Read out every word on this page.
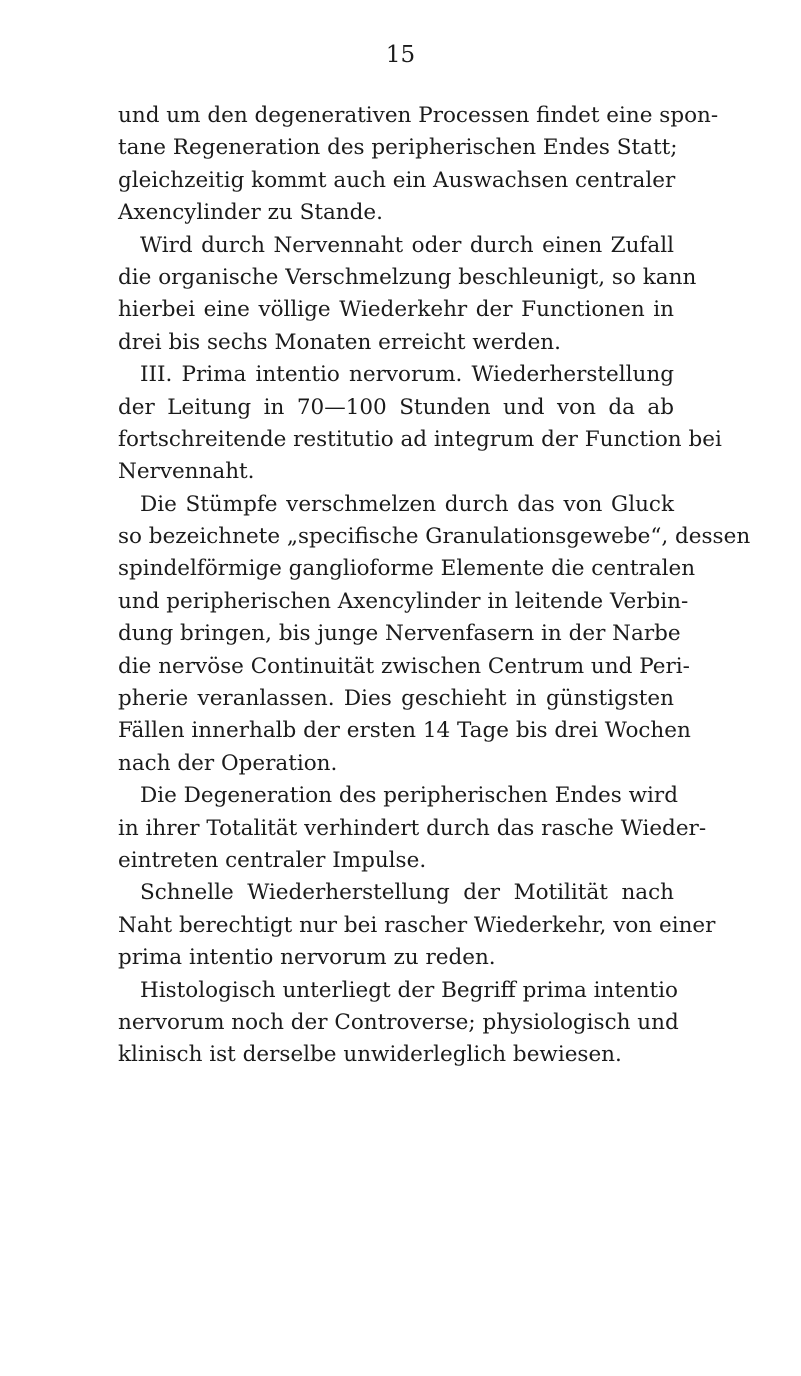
15
und um den degenerativen Processen findet eine spon-
tane Regeneration des peripherischen Endes Statt;
gleichzeitig kommt auch ein Auswachsen centraler
Axencylinder zu Stande.
Wird durch Nervennaht oder durch einen Zufall
die organische Verschmelzung beschleunigt, so kann
hierbei eine völlige Wiederkehr der Functionen in
drei bis sechs Monaten erreicht werden.
III. Prima intentio nervorum. Wiederherstellung
der Leitung in 70—100 Stunden und von da ab
fortschreitende restitutio ad integrum der Function bei
Nervennaht.
Die Stümpfe verschmelzen durch das von Gluck
so bezeichnete „specifische Granulationsgewebe“, dessen
spindelförmige ganglioforme Elemente die centralen
und peripherischen Axencylinder in leitende Verbin-
dung bringen, bis junge Nervenfasern in der Narbe
die nervöse Continuität zwischen Centrum und Peri-
pherie veranlassen. Dies geschieht in günstigsten
Fällen innerhalb der ersten 14 Tage bis drei Wochen
nach der Operation.
Die Degeneration des peripherischen Endes wird
in ihrer Totalität verhindert durch das rasche Wieder-
eintreten centraler Impulse.
Schnelle Wiederherstellung der Motilität nach
Naht berechtigt nur bei rascher Wiederkehr, von einer
prima intentio nervorum zu reden.
Histologisch unterliegt der Begriff prima intentio
nervorum noch der Controverse; physiologisch und
klinisch ist derselbe unwiderleglich bewiesen.
